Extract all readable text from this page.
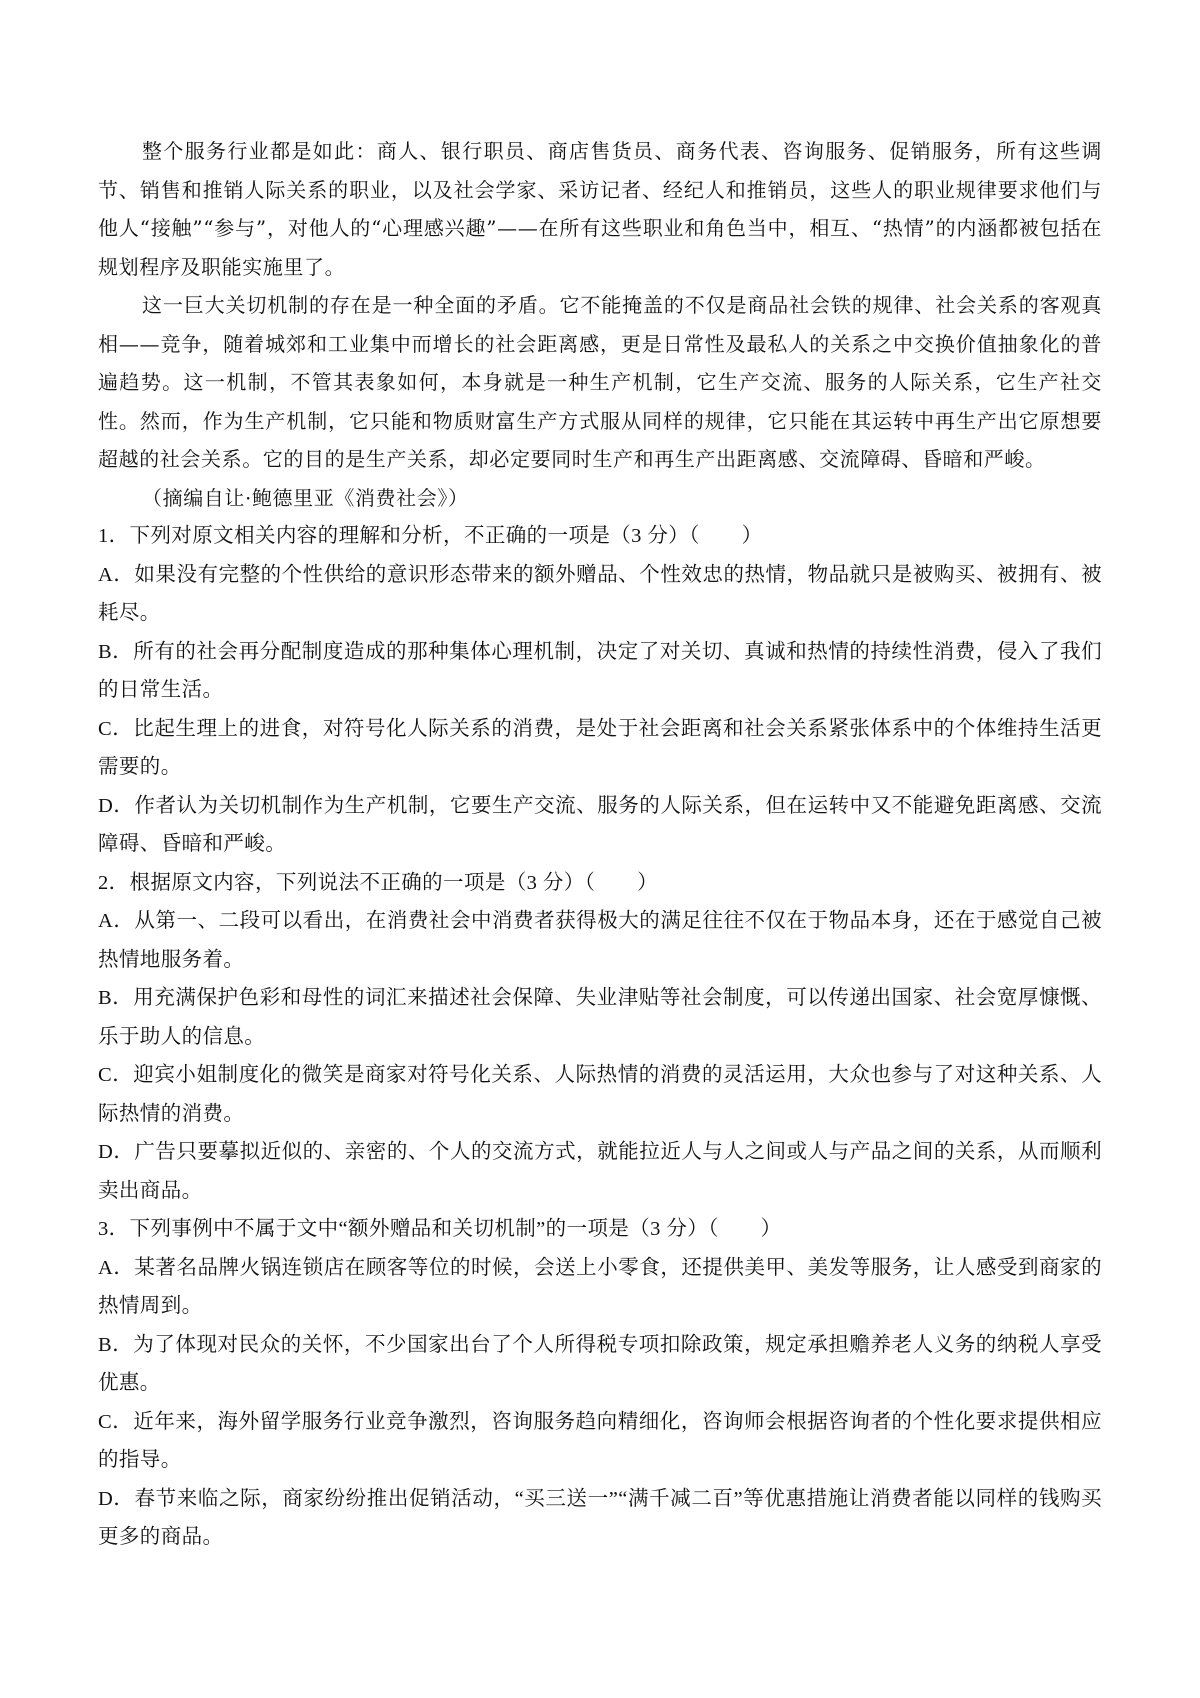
整个服务行业都是如此：商人、银行职员、商店售货员、商务代表、咨询服务、促销服务，所有这些调节、销售和推销人际关系的职业，以及社会学家、采访记者、经纪人和推销员，这些人的职业规律要求他们与他人“接触”“参与”，对他人的“心理感兴趣”——在所有这些职业和角色当中，相互、“热情”的内涵都被包括在规划程序及职能实施里了。

这一巨大关切机制的存在是一种全面的矛盾。它不能掩盖的不仅是商品社会铁的规律、社会关系的客观真相——竞争，随着城郊和工业集中而增长的社会距离感，更是日常性及最私人的关系之中交换价值抽象化的普遍趋势。这一机制，不管其表象如何，本身就是一种生产机制，它生产交流、服务的人际关系，它生产社交性。然而，作为生产机制，它只能和物质财富生产方式服从同样的规律，它只能在其运转中再生产出它原想要超越的社会关系。它的目的是生产关系，却必定要同时生产和再生产出距离感、交流障碍、昏暗和严峻。

（摘编自让·鲍德里亚《消费社会》）

1．下列对原文相关内容的理解和分析，不正确的一项是（3 分）（　　）

A．如果没有完整的个性供给的意识形态带来的额外赠品、个性效忠的热情，物品就只是被购买、被拥有、被耗尽。

B．所有的社会再分配制度造成的那种集体心理机制，决定了对关切、真诚和热情的持续性消费，侵入了我们的日常生活。

C．比起生理上的进食，对符号化人际关系的消费，是处于社会距离和社会关系紧张体系中的个体维持生活更需要的。

D．作者认为关切机制作为生产机制，它要生产交流、服务的人际关系，但在运转中又不能避免距离感、交流障碍、昏暗和严峻。

2．根据原文内容，下列说法不正确的一项是（3 分）（　　）

A．从第一、二段可以看出，在消费社会中消费者获得极大的满足往往不仅在于物品本身，还在于感觉自己被热情地服务着。

B．用充满保护色彩和母性的词汇来描述社会保障、失业津贴等社会制度，可以传递出国家、社会宽厚慷慨、乐于助人的信息。

C．迎宾小姐制度化的微笑是商家对符号化关系、人际热情的消费的灵活运用，大众也参与了对这种关系、人际热情的消费。

D．广告只要摹拟近似的、亲密的、个人的交流方式，就能拉近人与人之间或人与产品之间的关系，从而顺利卖出商品。

3．下列事例中不属于文中“额外赠品和关切机制”的一项是（3 分）（　　）

A．某著名品牌火锅连锁店在顾客等位的时候，会送上小零食，还提供美甲、美发等服务，让人感受到商家的热情周到。

B．为了体现对民众的关怀，不少国家出台了个人所得税专项扣除政策，规定承担赡养老人义务的纳税人享受优惠。

C．近年来，海外留学服务行业竞争激烈，咨询服务趋向精细化，咨询师会根据咨询者的个性化要求提供相应的指导。

D．春节来临之际，商家纷纷推出促销活动，“买三送一”“满千减二百”等优惠措施让消费者能以同样的钱购买更多的商品。
